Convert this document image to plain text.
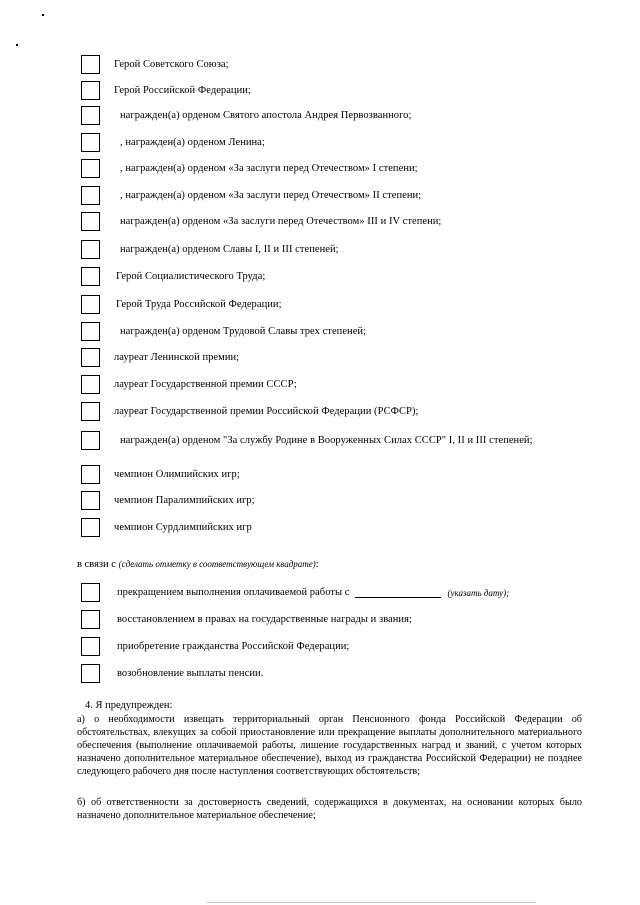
Герой Советского Союза;
Герой Российской Федерации;
награжден(а) орденом Святого апостола Андрея Первозванного;
, награжден(а) орденом Ленина;
, награжден(а) орденом «За заслуги перед Отечеством» I степени;
, награжден(а) орденом «За заслуги перед Отечеством» II степени;
награжден(а) орденом «За заслуги перед Отечеством» III и IV степени;
награжден(а) орденом Славы I, II и III степеней;
Герой Социалистического Труда;
Герой Труда Российской Федерации;
награжден(а) орденом Трудовой Славы трех степеней;
лауреат Ленинской премии;
лауреат Государственной премии СССР;
лауреат Государственной премии Российской Федерации (РСФСР);
награжден(а) орденом "За службу Родине в Вооруженных Силах СССР" I, II и III степеней;
чемпион Олимпийских игр;
чемпион Паралимпийских игр;
чемпион Сурдлимпийских игр
в связи с (сделать отметку в соответствующем квадрате):
прекращением выполнения оплачиваемой работы с	(указать дату);
восстановлением в правах на государственные награды и звания;
приобретение гражданства Российской Федерации;
возобновление выплаты пенсии.
4. Я предупрежден:
а) о необходимости извещать территориальный орган Пенсионного фонда Российской Федерации об обстоятельствах, влекущих за собой приостановление или прекращение выплаты дополнительного материального обеспечения (выполнение оплачиваемой работы, лишение государственных наград и званий, с учетом которых назначено дополнительное материальное обеспечение), выход из гражданства Российской Федерации) не позднее следующего рабочего дня после наступления соответствующих обстоятельств;
б) об ответственности за достоверность сведений, содержащихся в документах, на основании которых было назначено дополнительное материальное обеспечение;
